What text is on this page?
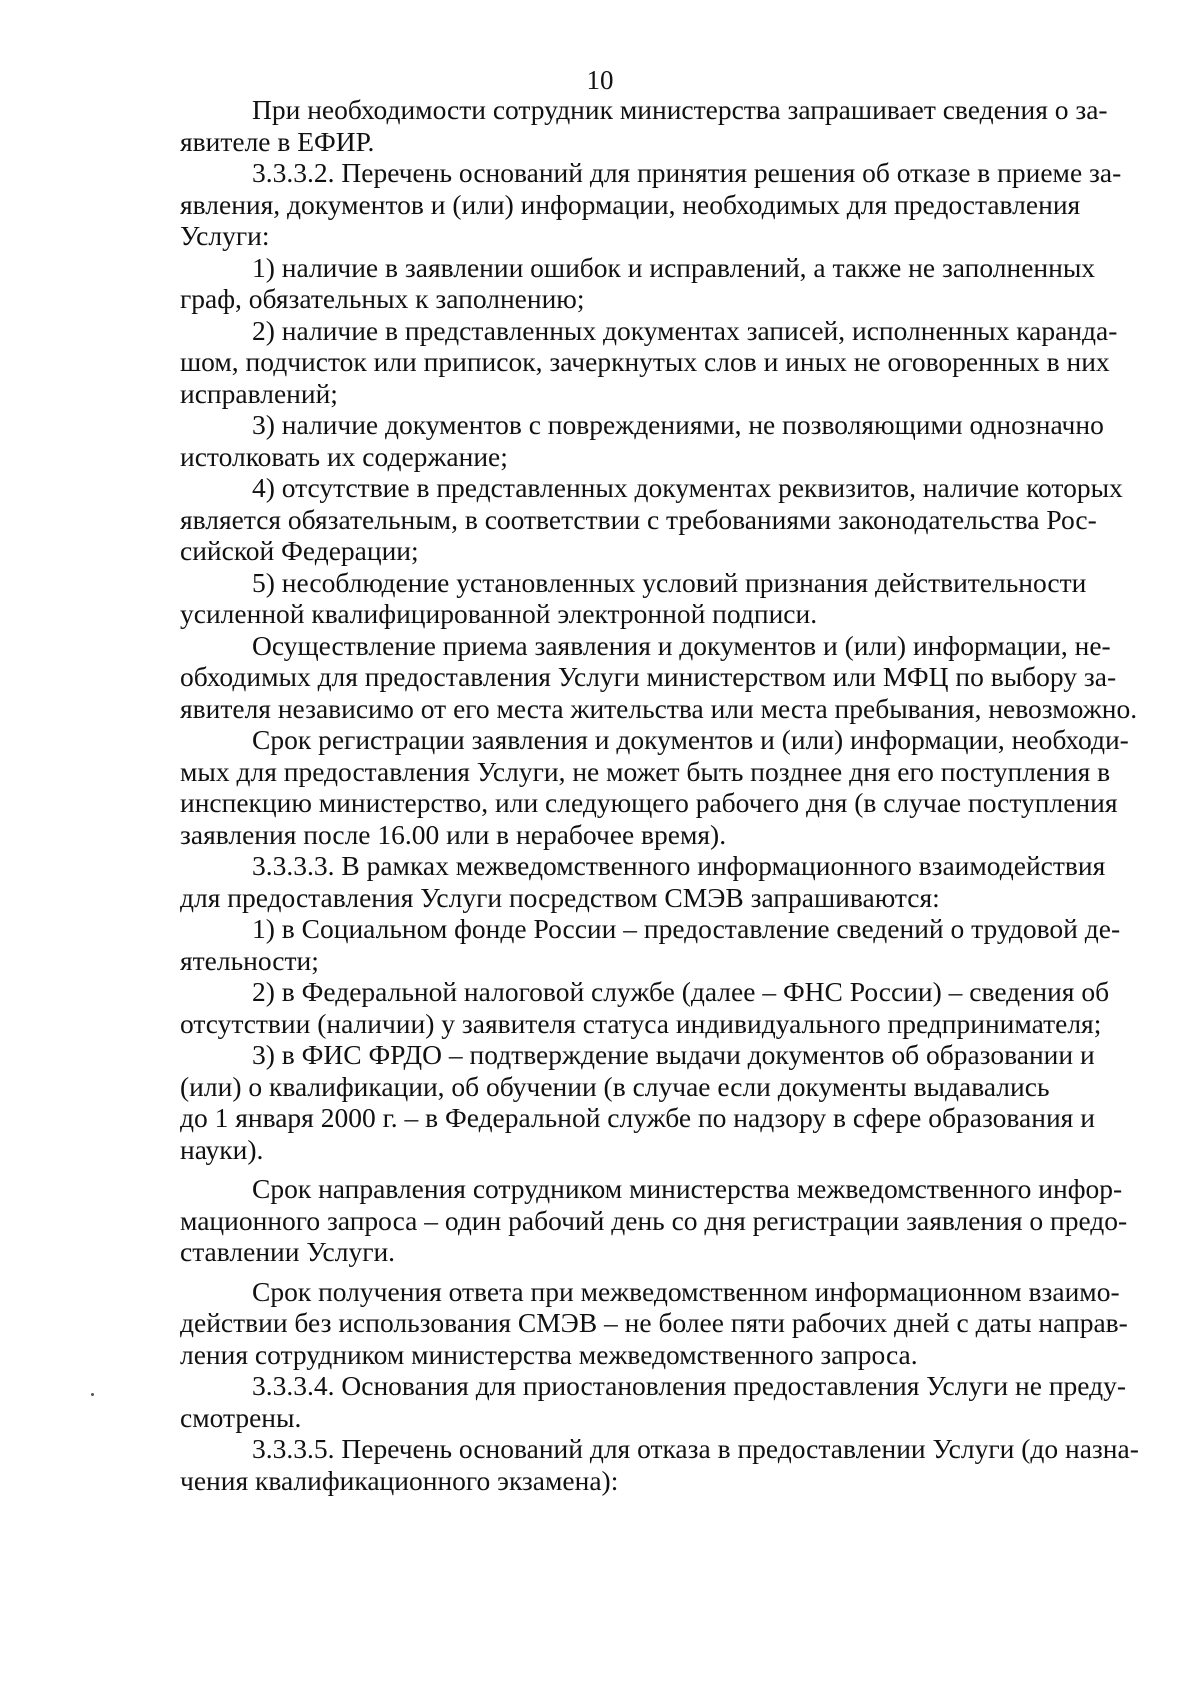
10

При необходимости сотрудник министерства запрашивает сведения о за-
явителе в ЕФИР.

3.3.3.2. Перечень оснований для принятия решения об отказе в приеме за-
явления, документов и (или) информации, необходимых для предоставления
Услуги:

1) наличие в заявлении ошибок и исправлений, а также не заполненных
граф, обязательных к заполнению;

2) наличие в представленных документах записей, исполненных каранда-
шом, подчисток или приписок, зачеркнутых слов и иных не оговоренных в них
исправлений;

3) наличие документов с повреждениями, не позволяющими однозначно
истолковать их содержание;

4) отсутствие в представленных документах реквизитов, наличие которых
является обязательным, в соответствии с требованиями законодательства Рос-
сийской Федерации;

5) несоблюдение установленных условий признания действительности
усиленной квалифицированной электронной подписи.

Осуществление приема заявления и документов и (или) информации, не-
обходимых для предоставления Услуги министерством или МФЦ по выбору за-
явителя независимо от его места жительства или места пребывания, невозможно.

Срок регистрации заявления и документов и (или) информации, необходи-
мых для предоставления Услуги, не может быть позднее дня его поступления в
инспекцию министерство, или следующего рабочего дня (в случае поступления
заявления после 16.00 или в нерабочее время).

3.3.3.3. В рамках межведомственного информационного взаимодействия
для предоставления Услуги посредством СМЭВ запрашиваются:

1) в Социальном фонде России – предоставление сведений о трудовой де-
ятельности;

2) в Федеральной налоговой службе (далее – ФНС России) – сведения об
отсутствии (наличии) у заявителя статуса индивидуального предпринимателя;

3) в ФИС ФРДО – подтверждение выдачи документов об образовании и
(или) о квалификации, об обучении (в случае если документы выдавались
до 1 января 2000 г. – в Федеральной службе по надзору в сфере образования и
науки).

Срок направления сотрудником министерства межведомственного инфор-
мационного запроса – один рабочий день со дня регистрации заявления о предо-
ставлении Услуги.

Срок получения ответа при межведомственном информационном взаимо-
действии без использования СМЭВ – не более пяти рабочих дней с даты направ-
ления сотрудником министерства межведомственного запроса.

3.3.3.4. Основания для приостановления предоставления Услуги не преду-
смотрены.

3.3.3.5. Перечень оснований для отказа в предоставлении Услуги (до назна-
чения квалификационного экзамена):
